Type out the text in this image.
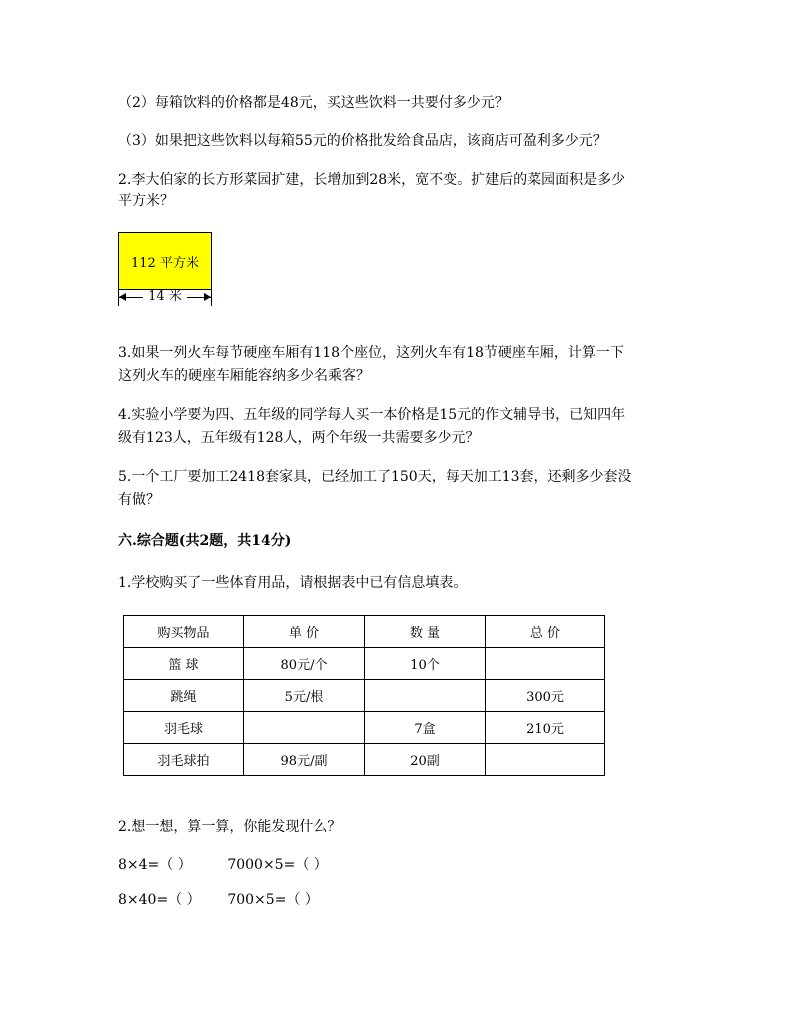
（2）每箱饮料的价格都是48元，买这些饮料一共要付多少元？
（3）如果把这些饮料以每箱55元的价格批发给食品店，该商店可盈利多少元？
2.李大伯家的长方形菜园扩建，长增加到28米，宽不变。扩建后的菜园面积是多少
平方米？
112 平方米
14 米
3.如果一列火车每节硬座车厢有118个座位，这列火车有18节硬座车厢，计算一下
这列火车的硬座车厢能容纳多少名乘客？
4.实验小学要为四、五年级的同学每人买一本价格是15元的作文辅导书，已知四年
级有123人，五年级有128人，两个年级一共需要多少元？
5.一个工厂要加工2418套家具，已经加工了150天，每天加工13套，还剩多少套没
有做？
六.综合题(共2题，共14分)
1.学校购买了一些体育用品，请根据表中已有信息填表。
购买物品	单 价	数 量	总 价
篮 球	80元/个	10个	
跳绳	5元/根		300元
羽毛球		7盒	210元
羽毛球拍	98元/副	20副	
2.想一想，算一算，你能发现什么？
8×4=（ ）        7000×5=（ ）
8×40=（ ）      700×5=（ ）
